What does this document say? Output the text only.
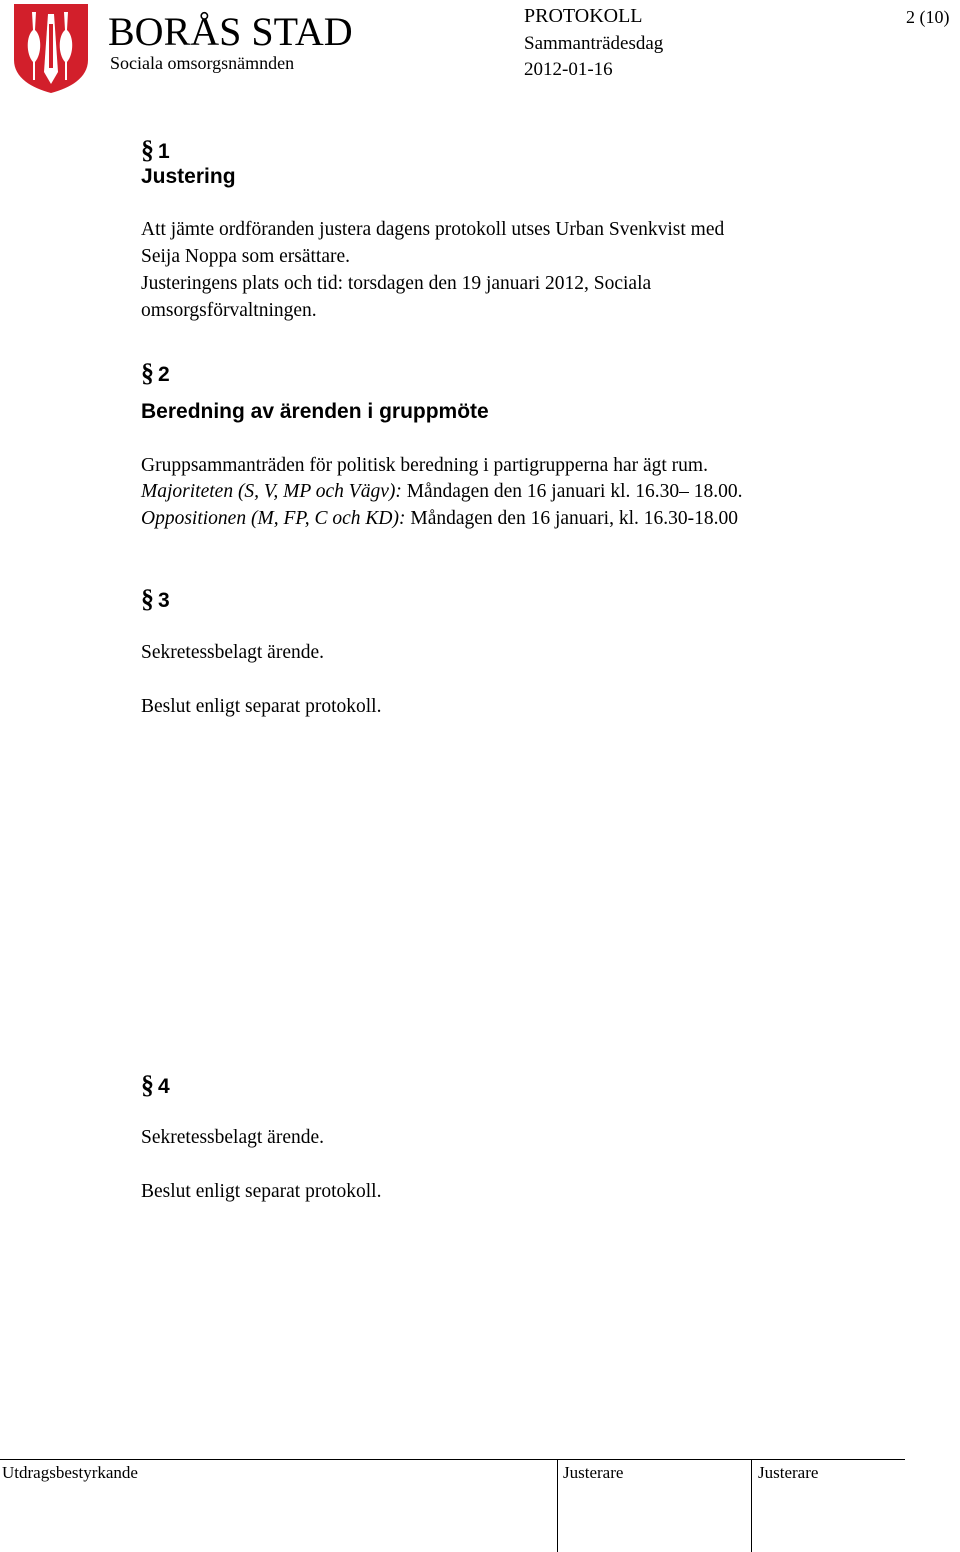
BORÅS STAD
Sociala omsorgsnämnden
PROTOKOLL
Sammanträdesdag
2012-01-16
2 (10)
§ 1
Justering
Att jämte ordföranden justera dagens protokoll utses Urban Svenkvist med
Seija Noppa som ersättare.
Justeringens plats och tid: torsdagen den 19 januari 2012, Sociala
omsorgsförvaltningen.
§ 2
Beredning av ärenden i gruppmöte
Gruppsammanträden för politisk beredning i partigrupperna har ägt rum.
Majoriteten (S, V, MP och Vägv): Måndagen den 16 januari kl. 16.30– 18.00.
Oppositionen (M, FP, C och KD): Måndagen den 16 januari, kl. 16.30-18.00
§ 3
Sekretessbelagt ärende.
Beslut enligt separat protokoll.
§ 4
Sekretessbelagt ärende.
Beslut enligt separat protokoll.
Utdragsbestyrkande	Justerare	Justerare
